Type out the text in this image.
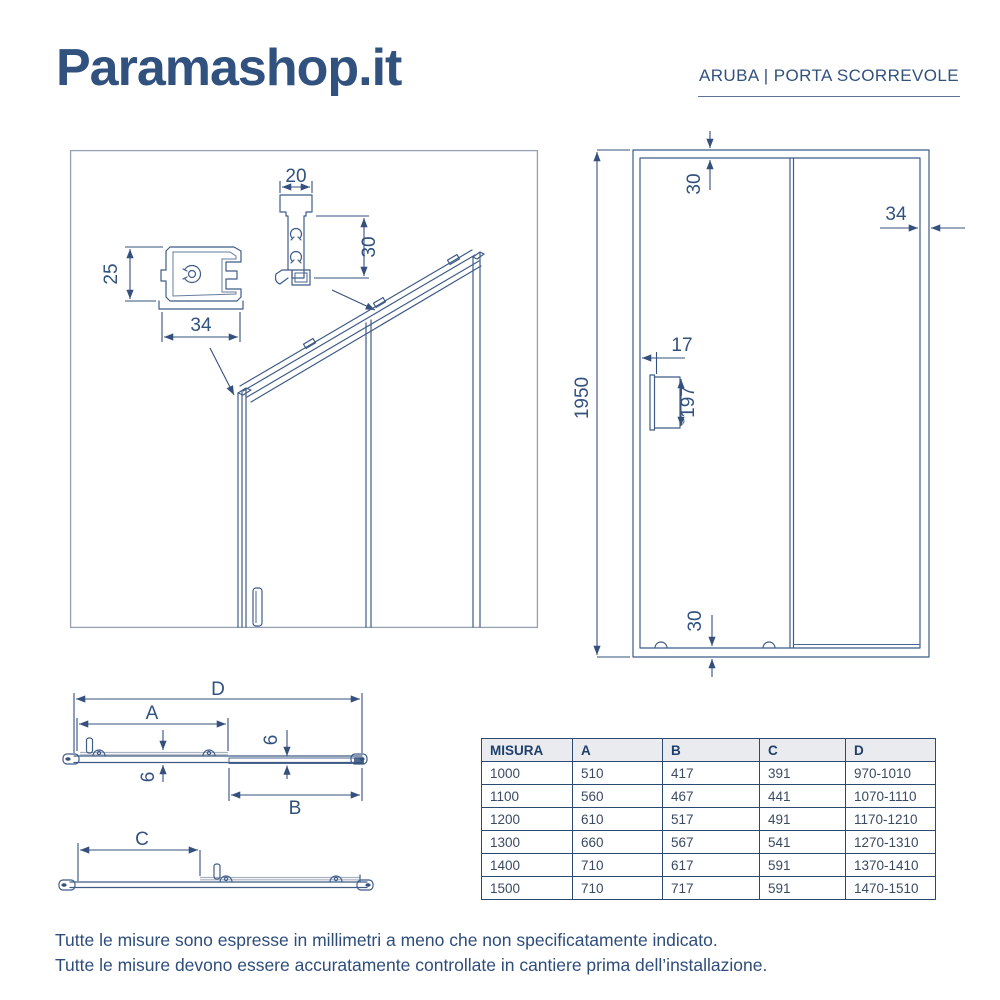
Paramashop.it	ARUBA | PORTA SCORREVOLE
25
34
20
30
1950
30
34
17
197
30
D
A
6
6
B
C
MISURA	A	B	C	D
1000	510	417	391	970-1010
1100	560	467	441	1070-1110
1200	610	517	491	1170-1210
1300	660	567	541	1270-1310
1400	710	617	591	1370-1410
1500	710	717	591	1470-1510
Tutte le misure sono espresse in millimetri a meno che non specificatamente indicato.
Tutte le misure devono essere accuratamente controllate in cantiere prima dell’installazione.
